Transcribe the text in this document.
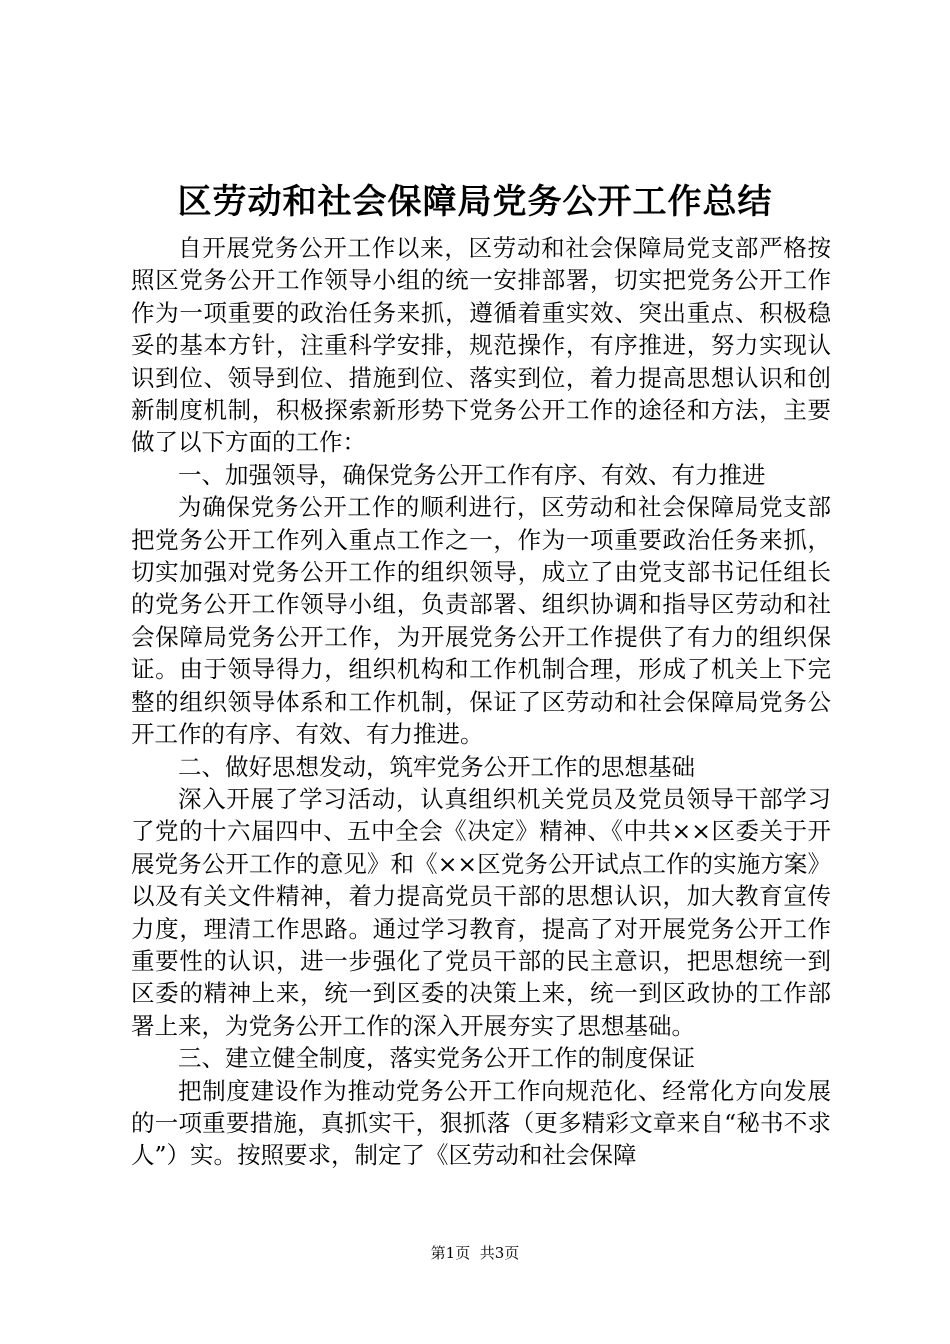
区劳动和社会保障局党务公开工作总结

自开展党务公开工作以来，区劳动和社会保障局党支部严格按照区党务公开工作领导小组的统一安排部署，切实把党务公开工作作为一项重要的政治任务来抓，遵循着重实效、突出重点、积极稳妥的基本方针，注重科学安排，规范操作，有序推进，努力实现认识到位、领导到位、措施到位、落实到位，着力提高思想认识和创新制度机制，积极探索新形势下党务公开工作的途径和方法，主要做了以下方面的工作：

一、加强领导，确保党务公开工作有序、有效、有力推进

为确保党务公开工作的顺利进行，区劳动和社会保障局党支部把党务公开工作列入重点工作之一，作为一项重要政治任务来抓，切实加强对党务公开工作的组织领导，成立了由党支部书记任组长的党务公开工作领导小组，负责部署、组织协调和指导区劳动和社会保障局党务公开工作，为开展党务公开工作提供了有力的组织保证。由于领导得力，组织机构和工作机制合理，形成了机关上下完整的组织领导体系和工作机制，保证了区劳动和社会保障局党务公开工作的有序、有效、有力推进。

二、做好思想发动，筑牢党务公开工作的思想基础

深入开展了学习活动，认真组织机关党员及党员领导干部学习了党的十六届四中、五中全会《决定》精神、《中共××区委关于开展党务公开工作的意见》和《××区党务公开试点工作的实施方案》以及有关文件精神，着力提高党员干部的思想认识，加大教育宣传力度，理清工作思路。通过学习教育，提高了对开展党务公开工作重要性的认识，进一步强化了党员干部的民主意识，把思想统一到区委的精神上来，统一到区委的决策上来，统一到区政协的工作部署上来，为党务公开工作的深入开展夯实了思想基础。

三、建立健全制度，落实党务公开工作的制度保证

把制度建设作为推动党务公开工作向规范化、经常化方向发展的一项重要措施，真抓实干，狠抓落（更多精彩文章来自“秘书不求人”）实。按照要求，制定了《区劳动和社会保障

第1页 共3页
